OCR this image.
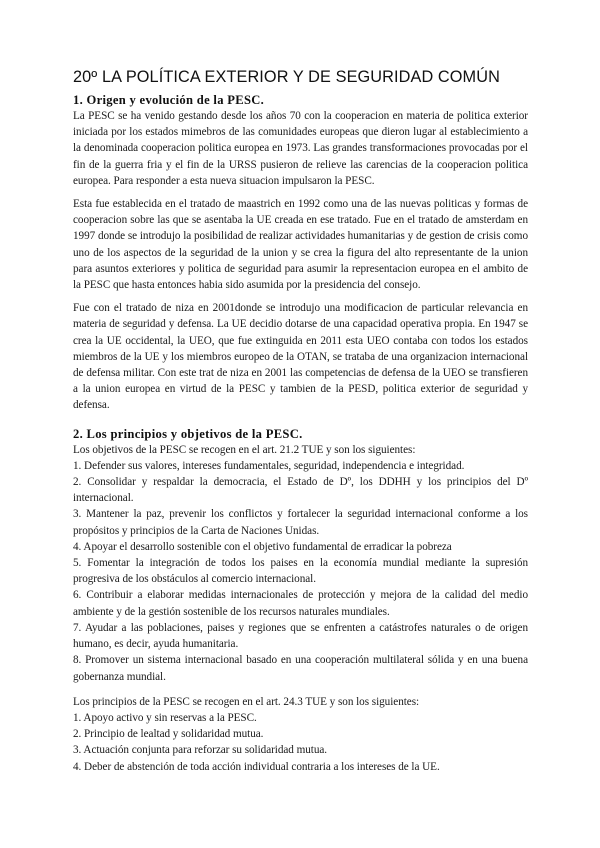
20º LA POLÍTICA EXTERIOR Y DE SEGURIDAD COMÚN
1. Origen y evolución de la PESC.

La PESC se ha venido gestando desde los años 70 con la cooperacion en materia de politica exterior iniciada por los estados mimebros de las comunidades europeas que dieron lugar al establecimiento a la denominada cooperacion politica europea en 1973. Las grandes transformaciones provocadas por el fin de la guerra fria y el fin de la URSS pusieron de relieve las carencias de la cooperacion politica europea. Para responder a esta nueva situacion impulsaron la PESC.

Esta fue establecida en el tratado de maastrich en 1992 como una de las nuevas politicas y formas de cooperacion sobre las que se asentaba la UE creada en ese tratado. Fue en el tratado de amsterdam en 1997 donde se introdujo la posibilidad de realizar actividades humanitarias y de gestion de crisis como uno de los aspectos de la seguridad de la union y se crea la figura del alto representante de la union para asuntos exteriores y politica de seguridad para asumir la representacion europea en el ambito de la PESC que hasta entonces habia sido asumida por la presidencia del consejo.

Fue con el tratado de niza en 2001donde se introdujo una modificacion de particular relevancia en materia de seguridad y defensa. La UE decidio dotarse de una capacidad operativa propia. En 1947 se crea la UE occidental, la UEO, que fue extinguida en 2011 esta UEO contaba con todos los estados miembros de la UE y los miembros europeo de la OTAN, se trataba de una organizacion internacional de defensa militar. Con este trat de niza en 2001 las competencias de defensa de la UEO se transfieren a la union europea en virtud de la PESC y tambien de la PESD, politica exterior de seguridad y defensa.

2. Los principios y objetivos de la PESC.

Los objetivos de la PESC se recogen en el art. 21.2 TUE y son los siguientes:

1. Defender sus valores, intereses fundamentales, seguridad, independencia e integridad.
2. Consolidar y respaldar la democracia, el Estado de Dº, los DDHH y los principios del Dº internacional.
3. Mantener la paz, prevenir los conflictos y fortalecer la seguridad internacional conforme a los propósitos y principios de la Carta de Naciones Unidas.
4. Apoyar el desarrollo sostenible con el objetivo fundamental de erradicar la pobreza
5. Fomentar la integración de todos los paises en la economía mundial mediante la supresión progresiva de los obstáculos al comercio internacional.
6. Contribuir a elaborar medidas internacionales de protección y mejora de la calidad del medio ambiente y de la gestión sostenible de los recursos naturales mundiales.
7. Ayudar a las poblaciones, paises y regiones que se enfrenten a catástrofes naturales o de origen humano, es decir, ayuda humanitaria.
8. Promover un sistema internacional basado en una cooperación multilateral sólida y en una buena gobernanza mundial.

Los principios de la PESC se recogen en el art. 24.3 TUE y son los siguientes:

1. Apoyo activo y sin reservas a la PESC.
2. Principio de lealtad y solidaridad mutua.
3. Actuación conjunta para reforzar su solidaridad mutua.
4. Deber de abstención de toda acción individual contraria a los intereses de la UE.
